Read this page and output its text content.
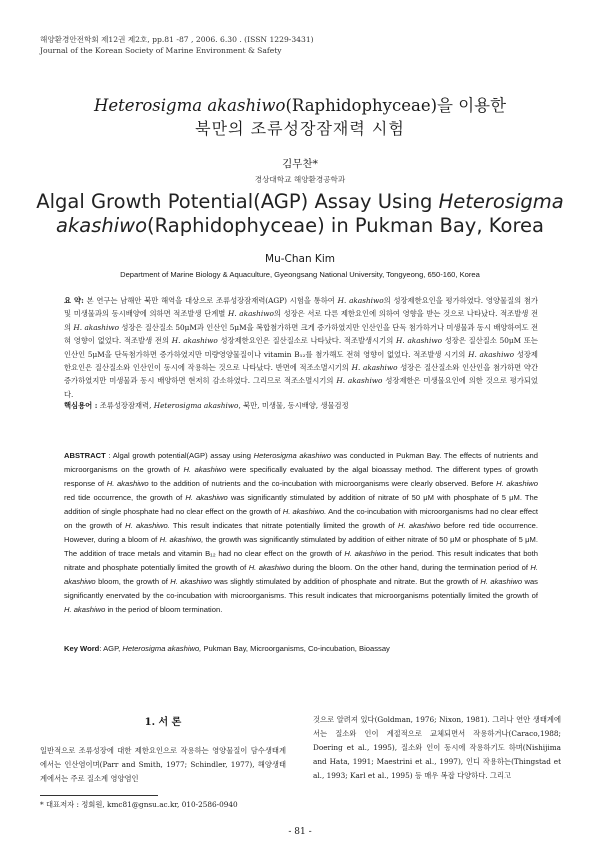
해양환경안전학회 제12권 제2호, pp.81 -87 , 2006. 6.30 . (ISSN 1229-3431)
Journal of the Korean Society of Marine Environment & Safety
Heterosigma akashiwo(Raphidophyceae)을 이용한
북만의 조류성장잠재력 시험
김무찬*
경상대학교 해양환경공학과
Algal Growth Potential(AGP) Assay Using Heterosigma
akashiwo(Raphidophyceae) in Pukman Bay, Korea
Mu-Chan Kim
Department of Marine Biology & Aquaculture, Gyeongsang National University, Tongyeong, 650-160, Korea
요 약: 본 연구는 남해안 북만 해역을 대상으로 조류성장잠재력(AGP) 시험을 통하여 H. akashiwo의 성장제한요인을 평가하였다. 영양물질의 첨가 및 미생물과의 동시배양에 의하면 적조발생 단계별 H. akashiwo의 성장은 서로 다른 제한요인에 의하여 영향을 받는 것으로 나타났다. 적조발생 전의 H. akashiwo 성장은 질산질소 50μM과 인산인 5μM을 복합첨가하면 크게 증가하였지만 인산인을 단독 첨가하거나 미생물과 동시 배양하여도 전혀 영향이 없었다. 적조발생 전의 H. akashiwo 성장제한요인은 질산질소로 나타났다. 적조발생시기의 H. akashiwo 성장은 질산질소 50μM 또는 인산인 5μM을 단독첨가하면 증가하였지만 미량영양물질이나 vitamin B₁₂를 첨가해도 전혀 영향이 없었다. 적조발생 시기의 H. akashiwo 성장제한요인은 질산질소와 인산인이 동시에 작용하는 것으로 나타났다. 반면에 적조소멸시기의 H. akashiwo 성장은 질산질소와 인산인을 첨가하면 약간 증가하였지만 미생물과 동시 배양하면 현저히 감소하였다. 그리므로 적조소멸시기의 H. akashiwo 성장제한은 미생물요인에 의한 것으로 평가되었다.
핵심용어 : 조류성장잠재력, Heterosigma akashiwo, 북만, 미생물, 동시배양, 생물검정
ABSTRACT : Algal growth potential(AGP) assay using Heterosigma akashiwo was conducted in Pukman Bay. The effects of nutrients and microorganisms on the growth of H. akashiwo were specifically evaluated by the algal bioassay method. The different types of growth response of H. akashiwo to the addition of nutrients and the co-incubation with microorganisms were clearly observed. Before H. akashiwo red tide occurrence, the growth of H. akashiwo was significantly stimulated by addition of nitrate of 50 μM with phosphate of 5 μM. The addition of single phosphate had no clear effect on the growth of H. akashiwo. And the co-incubation with microorganisms had no clear effect on the growth of H. akashiwo. This result indicates that nitrate potentially limited the growth of H. akashiwo before red tide occurrence. However, during a bloom of H. akashiwo, the growth was significantly stimulated by addition of either nitrate of 50 μM or phosphate of 5 μM. The addition of trace metals and vitamin B₁₂ had no clear effect on the growth of H. akashiwo in the period. This result indicates that both nitrate and phosphate potentially limited the growth of H. akashiwo during the bloom. On the other hand, during the termination period of H. akashiwo bloom, the growth of H. akashiwo was slightly stimulated by addition of phosphate and nitrate. But the growth of H. akashiwo was significantly enervated by the co-incubation with microorganisms. This result indicates that microorganisms potentially limited the growth of H. akashiwo in the period of bloom termination.
Key Word: AGP, Heterosigma akashiwo, Pukman Bay, Microorganisms, Co-incubation, Bioassay
1. 서 론
일반적으로 조류성장에 대한 제한요인으로 작용하는 영양물질이 담수생태계에서는 인산염이며(Parr and Smith, 1977; Schindler, 1977), 해양생태계에서는 주로 질소계 영양염인
것으로 알려져 있다(Goldman, 1976; Nixon, 1981). 그러나 연안 생태계에서는 질소와 인이 계절적으로 교체되면서 작용하거나(Caraco,1988; Doering et al., 1995), 질소와 인이 동시에 작용하기도 하며(Nishijima and Hata, 1991; Maestrini et al., 1997), 인디 작용하는(Thingstad et al., 1993; Karl et al., 1995) 등 매우 복잡 다양하다. 그리고
* 대표저자 : 정회원, kmc81@gnsu.ac.kr, 010-2586-0940
- 81 -
